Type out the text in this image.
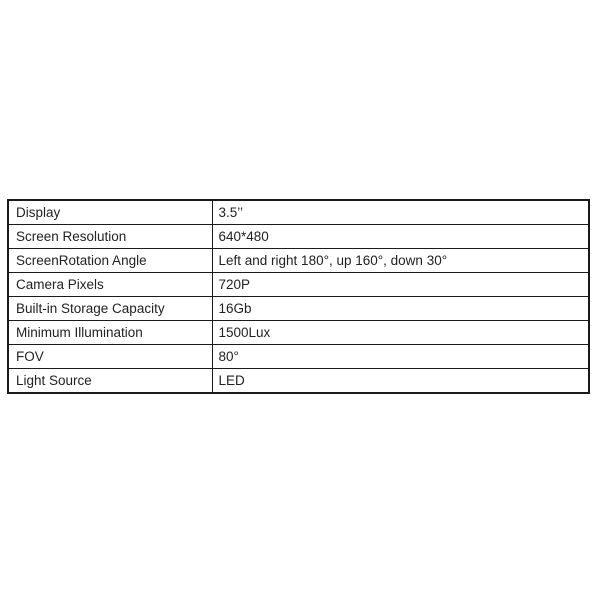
Display	3.5’’
Screen Resolution	640*480
ScreenRotation Angle	Left and right 180°, up 160°, down 30°
Camera Pixels	720P
Built-in Storage Capacity	16Gb
Minimum Illumination	1500Lux
FOV	80°
Light Source	LED
